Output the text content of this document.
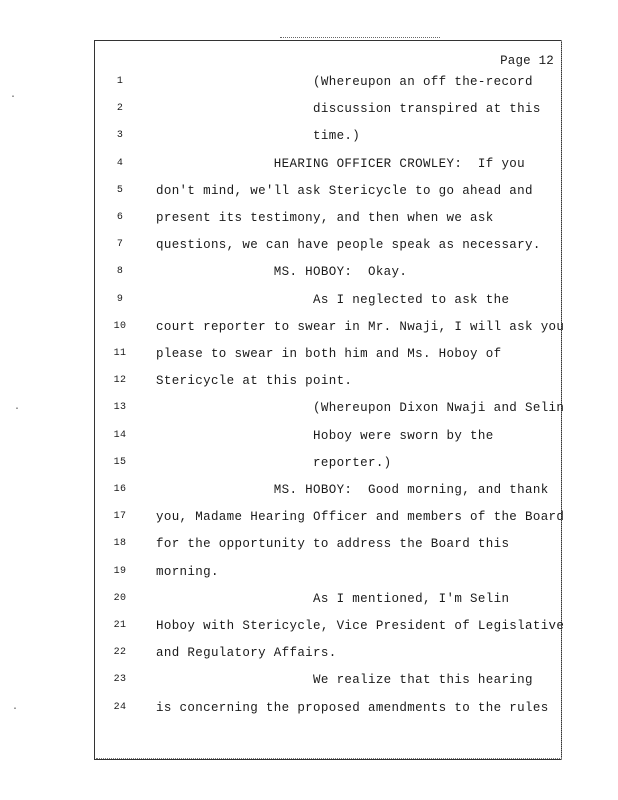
Page 12
1	(Whereupon an off the-record
2	discussion transpired at this
3	time.)
4	HEARING OFFICER CROWLEY:  If you
5	don't mind, we'll ask Stericycle to go ahead and
6	present its testimony, and then when we ask
7	questions, we can have people speak as necessary.
8	MS. HOBOY:  Okay.
9	As I neglected to ask the
10	court reporter to swear in Mr. Nwaji, I will ask you
11	please to swear in both him and Ms. Hoboy of
12	Stericycle at this point.
13	(Whereupon Dixon Nwaji and Selin
14	Hoboy were sworn by the
15	reporter.)
16	MS. HOBOY:  Good morning, and thank
17	you, Madame Hearing Officer and members of the Board
18	for the opportunity to address the Board this
19	morning.
20	As I mentioned, I'm Selin
21	Hoboy with Stericycle, Vice President of Legislative
22	and Regulatory Affairs.
23	We realize that this hearing
24	is concerning the proposed amendments to the rules
·
·
·
